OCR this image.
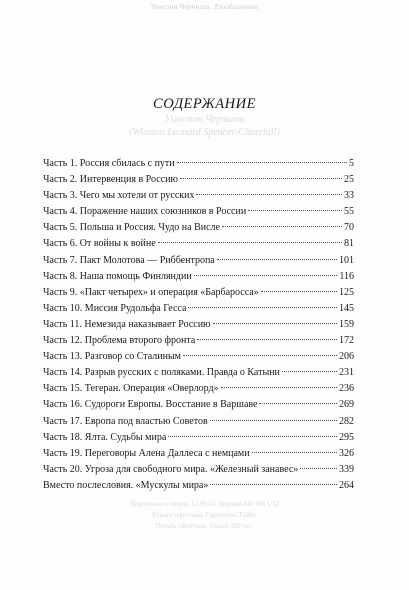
Уинстон Черчилль. Разоблачение
Уинстон Черчилль
(Winston Leonard Spencer-Churchill)
СОДЕРЖАНИЕ
Часть 1. Россия сбилась с пути	5
Часть 2. Интервенция в Россию	25
Часть 3. Чего мы хотели от русских	33
Часть 4. Поражение наших союзников в России	55
Часть 5. Польша и Россия. Чудо на Висле	70
Часть 6. От войны к войне	81
Часть 7. Пакт Молотова — Риббентропа	101
Часть 8. Наша помощь Финляндии	116
Часть 9. «Пакт четырех» и операция «Барбаросса»	125
Часть 10. Миссия Рудольфа Гесса	145
Часть 11. Немезида наказывает Россию	159
Часть 12. Проблема второго фронта	172
Часть 13. Разговор со Сталиным	206
Часть 14. Разрыв русских с поляками. Правда о Катыни	231
Часть 15. Тегеран. Операция «Оверлорд»	236
Часть 16. Судороги Европы. Восстание в Варшаве	269
Часть 17. Европа под властью Советов	282
Часть 18. Ялта. Судьбы мира	295
Часть 19. Переговоры Алена Даллеса с немцами	326
Часть 20. Угроза для свободного мира. «Железный занавес»	339
Вместо послесловия. «Мускулы мира»	264
Подписано в печать 12.09.24. Формат 84×108 1/32
Бумага офсетная. Гарнитура Таймс
Печать офсетная. Тираж 300 экз.
